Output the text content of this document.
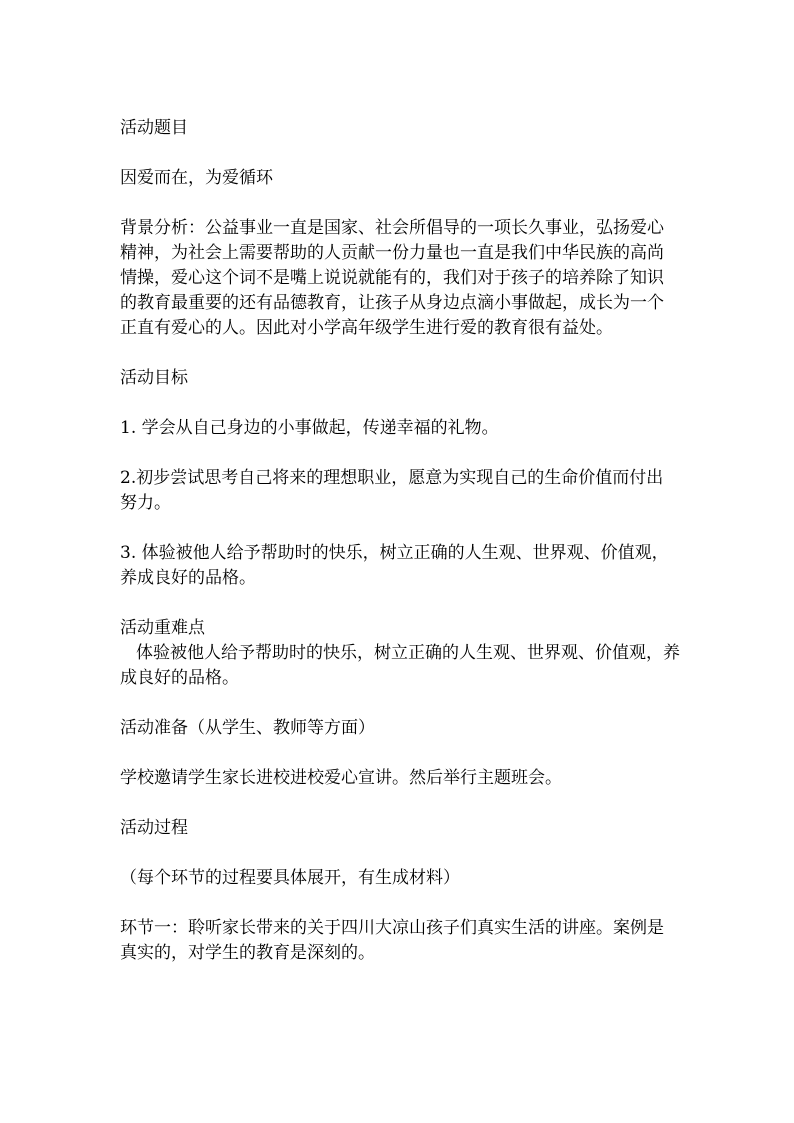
活动题目

因爱而在，为爱循环

背景分析：公益事业一直是国家、社会所倡导的一项长久事业，弘扬爱心精神，为社会上需要帮助的人贡献一份力量也一直是我们中华民族的高尚情操，爱心这个词不是嘴上说说就能有的，我们对于孩子的培养除了知识的教育最重要的还有品德教育，让孩子从身边点滴小事做起，成长为一个正直有爱心的人。因此对小学高年级学生进行爱的教育很有益处。

活动目标

1. 学会从自己身边的小事做起，传递幸福的礼物。

2.初步尝试思考自己将来的理想职业，愿意为实现自己的生命价值而付出努力。

3. 体验被他人给予帮助时的快乐，树立正确的人生观、世界观、价值观，养成良好的品格。

活动重难点

体验被他人给予帮助时的快乐，树立正确的人生观、世界观、价值观，养成良好的品格。

活动准备（从学生、教师等方面）

学校邀请学生家长进校进校爱心宣讲。然后举行主题班会。

活动过程

（每个环节的过程要具体展开，有生成材料）

环节一：聆听家长带来的关于四川大凉山孩子们真实生活的讲座。案例是真实的，对学生的教育是深刻的。
